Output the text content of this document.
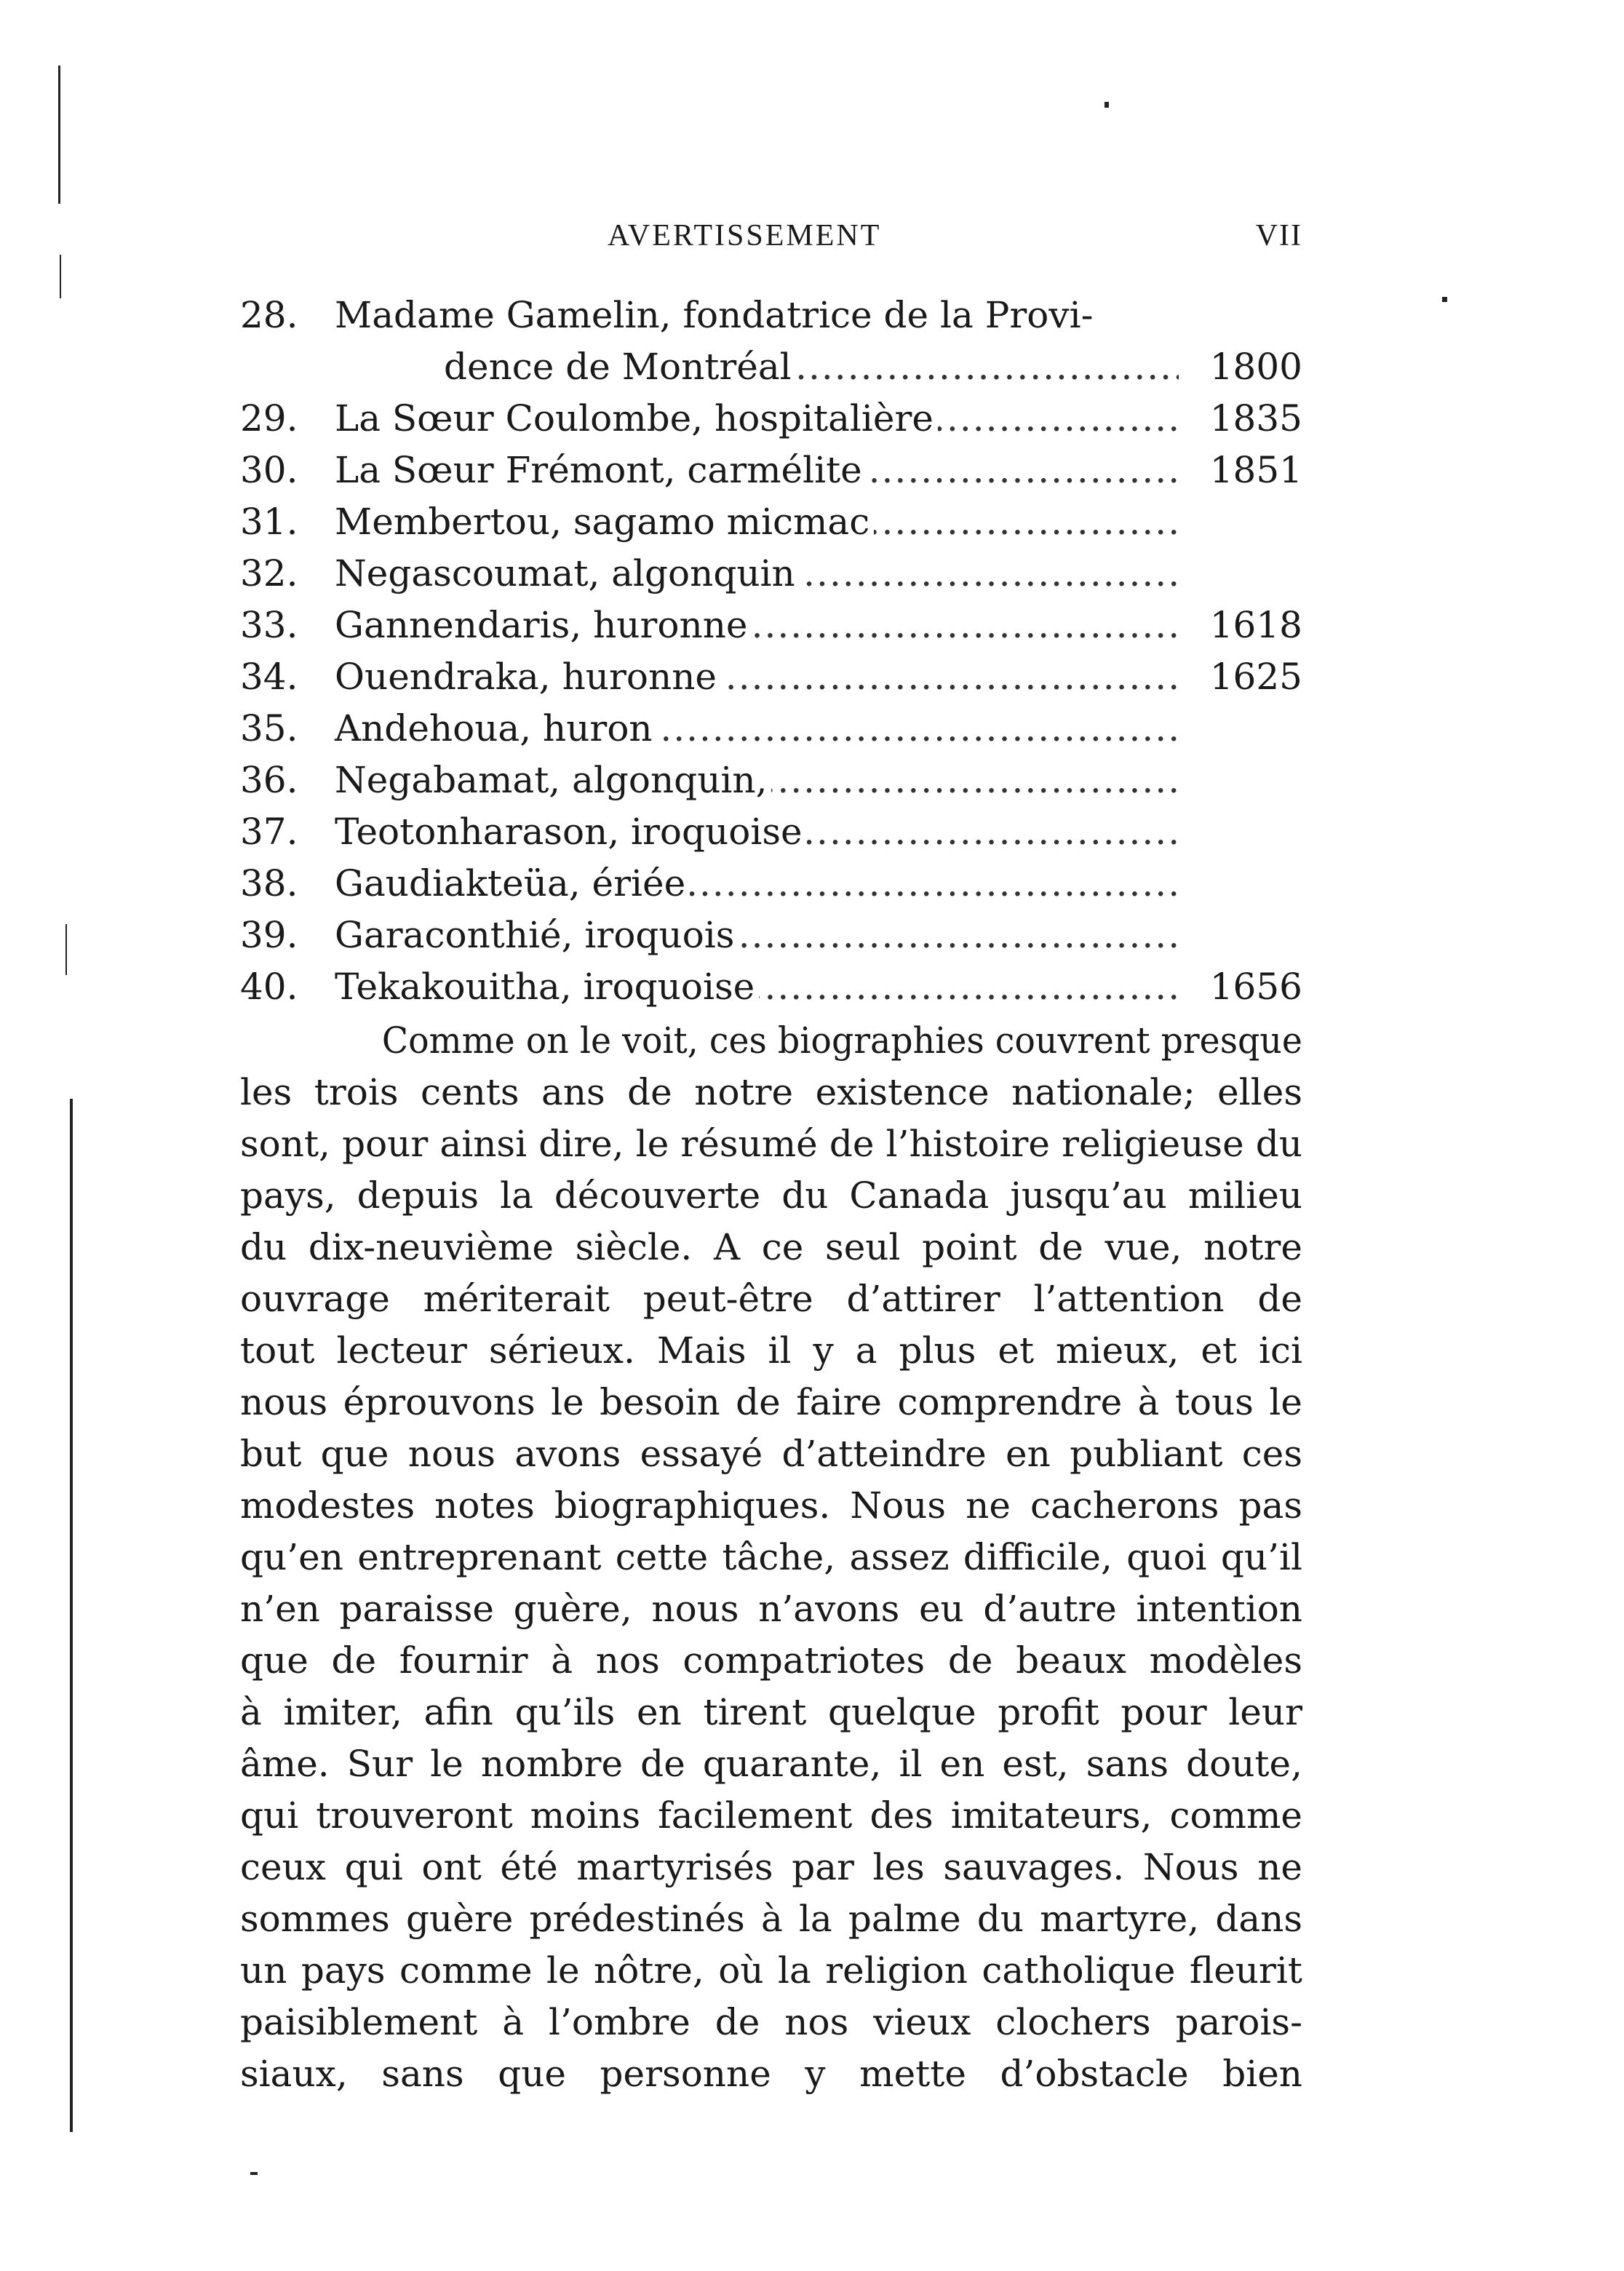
AVERTISSEMENT	VII
28.	Madame Gamelin, fondatrice de la Provi-
.....
dence de Montréal	1800
29. .....	La Sœur Coulombe, hospitalière	1835
30. .....	La Sœur Frémont, carmélite	1851
31. .....	Membertou, sagamo micmac
32. .....	Negascoumat, algonquin
33. .....	Gannendaris, huronne	1618
34. .....	Ouendraka, huronne	1625
35. .....	Andehoua, huron
36. .....	Negabamat, algonquin,
37. .....	Teotonharason, iroquoise
38. .....	Gaudiakteüa, ériée
39. .....	Garaconthié, iroquois
40. .....	Tekakouitha, iroquoise	1656
Comme on le voit, ces biographies couvrent presque
les trois cents ans de notre existence nationale; elles
sont, pour ainsi dire, le résumé de l’histoire religieuse du
pays, depuis la découverte du Canada jusqu’au milieu
du dix-neuvième siècle. A ce seul point de vue, notre
ouvrage mériterait peut-être d’attirer l’attention de
tout lecteur sérieux. Mais il y a plus et mieux, et ici
nous éprouvons le besoin de faire comprendre à tous le
but que nous avons essayé d’atteindre en publiant ces
modestes notes biographiques. Nous ne cacherons pas
qu’en entreprenant cette tâche, assez difficile, quoi qu’il
n’en paraisse guère, nous n’avons eu d’autre intention
que de fournir à nos compatriotes de beaux modèles
à imiter, afin qu’ils en tirent quelque profit pour leur
âme. Sur le nombre de quarante, il en est, sans doute,
qui trouveront moins facilement des imitateurs, comme
ceux qui ont été martyrisés par les sauvages. Nous ne
sommes guère prédestinés à la palme du martyre, dans
un pays comme le nôtre, où la religion catholique fleurit
paisiblement à l’ombre de nos vieux clochers parois-
siaux, sans que personne y mette d’obstacle bien
